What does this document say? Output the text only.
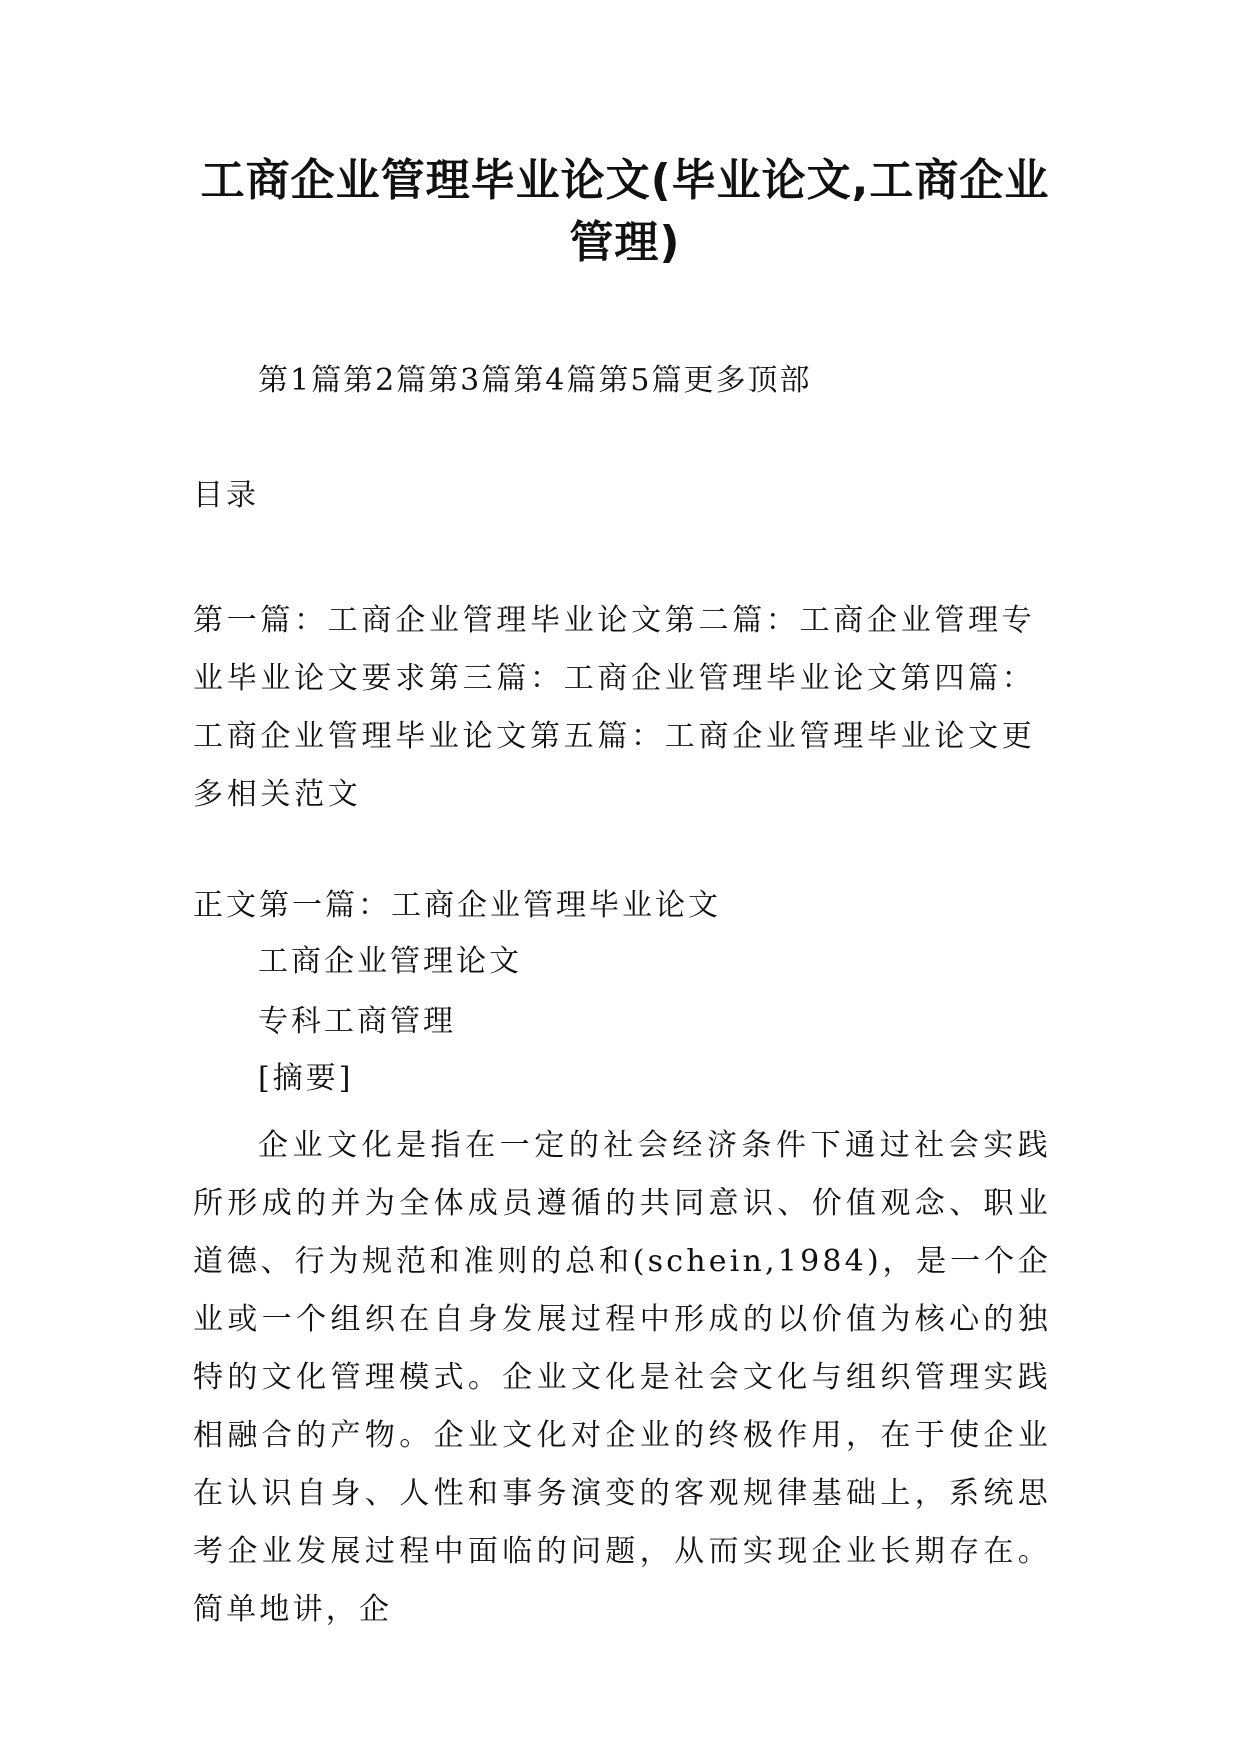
工商企业管理毕业论文(毕业论文,工商企业管理)
第1篇第2篇第3篇第4篇第5篇更多顶部
目录

第一篇：工商企业管理毕业论文第二篇：工商企业管理专业毕业论文要求第三篇：工商企业管理毕业论文第四篇：工商企业管理毕业论文第五篇：工商企业管理毕业论文更多相关范文

正文第一篇：工商企业管理毕业论文
工商企业管理论文
专科工商管理
[摘要]

企业文化是指在一定的社会经济条件下通过社会实践所形成的并为全体成员遵循的共同意识、价值观念、职业道德、行为规范和准则的总和(schein,1984)，是一个企业或一个组织在自身发展过程中形成的以价值为核心的独特的文化管理模式。企业文化是社会文化与组织管理实践相融合的产物。企业文化对企业的终极作用，在于使企业在认识自身、人性和事务演变的客观规律基础上，系统思考企业发展过程中面临的问题，从而实现企业长期存在。简单地讲，企
